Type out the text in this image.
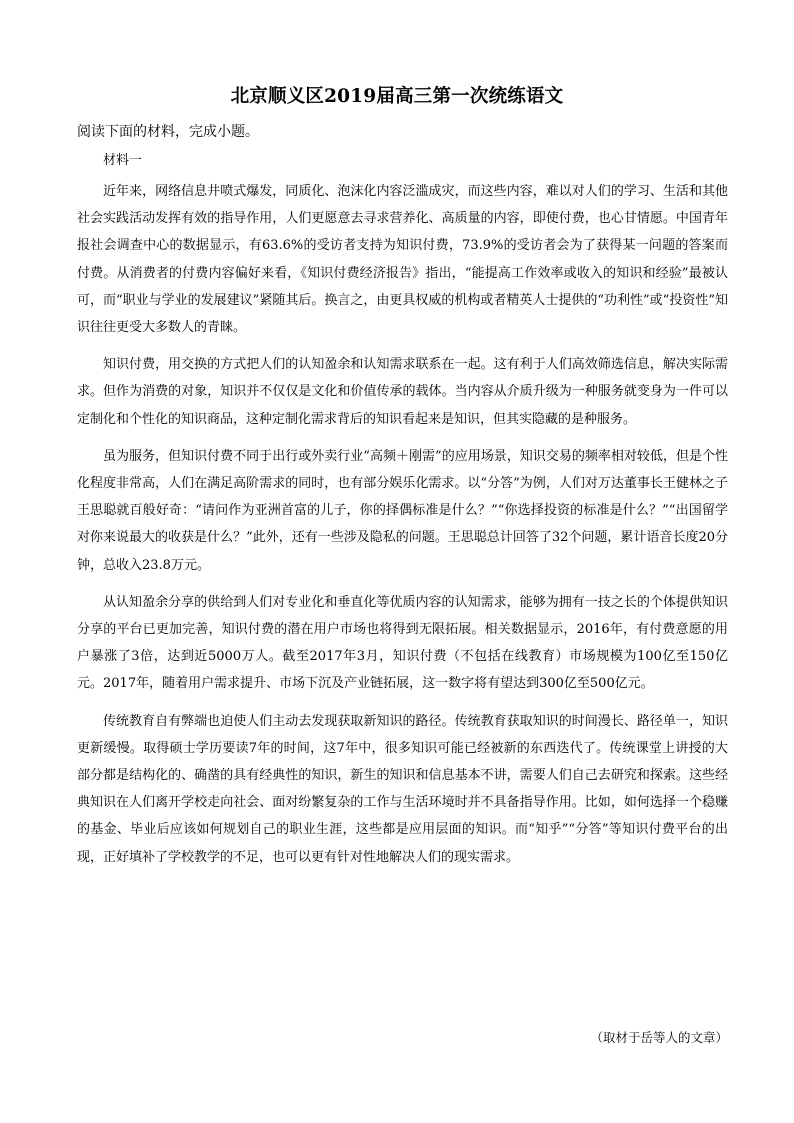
北京顺义区2019届高三第一次统练语文

阅读下面的材料，完成小题。

材料一

近年来，网络信息井喷式爆发，同质化、泡沫化内容泛滥成灾，而这些内容，难以对人们的学习、生活和其他社会实践活动发挥有效的指导作用，人们更愿意去寻求营养化、高质量的内容，即使付费，也心甘情愿。中国青年报社会调查中心的数据显示，有63.6%的受访者支持为知识付费，73.9%的受访者会为了获得某一问题的答案而付费。从消费者的付费内容偏好来看，《知识付费经济报告》指出，“能提高工作效率或收入的知识和经验”最被认可，而“职业与学业的发展建议”紧随其后。换言之，由更具权威的机构或者精英人士提供的“功利性”或“投资性”知识往往更受大多数人的青睐。

知识付费，用交换的方式把人们的认知盈余和认知需求联系在一起。这有利于人们高效筛选信息，解决实际需求。但作为消费的对象，知识并不仅仅是文化和价值传承的载体。当内容从介质升级为一种服务就变身为一件可以定制化和个性化的知识商品，这种定制化需求背后的知识看起来是知识，但其实隐藏的是种服务。

虽为服务，但知识付费不同于出行或外卖行业“高频＋刚需”的应用场景，知识交易的频率相对较低，但是个性化程度非常高，人们在满足高阶需求的同时，也有部分娱乐化需求。以“分答”为例，人们对万达董事长王健林之子王思聪就百般好奇：“请问作为亚洲首富的儿子，你的择偶标准是什么？”“你选择投资的标准是什么？”“出国留学对你来说最大的收获是什么？”此外，还有一些涉及隐私的问题。王思聪总计回答了32个问题，累计语音长度20分钟，总收入23.8万元。

从认知盈余分享的供给到人们对专业化和垂直化等优质内容的认知需求，能够为拥有一技之长的个体提供知识分享的平台已更加完善，知识付费的潜在用户市场也将得到无限拓展。相关数据显示，2016年，有付费意愿的用户暴涨了3倍，达到近5000万人。截至2017年3月，知识付费（不包括在线教育）市场规模为100亿至150亿元。2017年，随着用户需求提升、市场下沉及产业链拓展，这一数字将有望达到300亿至500亿元。

传统教育自有弊端也迫使人们主动去发现获取新知识的路径。传统教育获取知识的时间漫长、路径单一，知识更新缓慢。取得硕士学历要读7年的时间，这7年中，很多知识可能已经被新的东西迭代了。传统课堂上讲授的大部分都是结构化的、确凿的具有经典性的知识，新生的知识和信息基本不讲，需要人们自己去研究和探索。这些经典知识在人们离开学校走向社会、面对纷繁复杂的工作与生活环境时并不具备指导作用。比如，如何选择一个稳赚的基金、毕业后应该如何规划自己的职业生涯，这些都是应用层面的知识。而“知乎”“分答”等知识付费平台的出现，正好填补了学校教学的不足，也可以更有针对性地解决人们的现实需求。

（取材于岳等人的文章）
